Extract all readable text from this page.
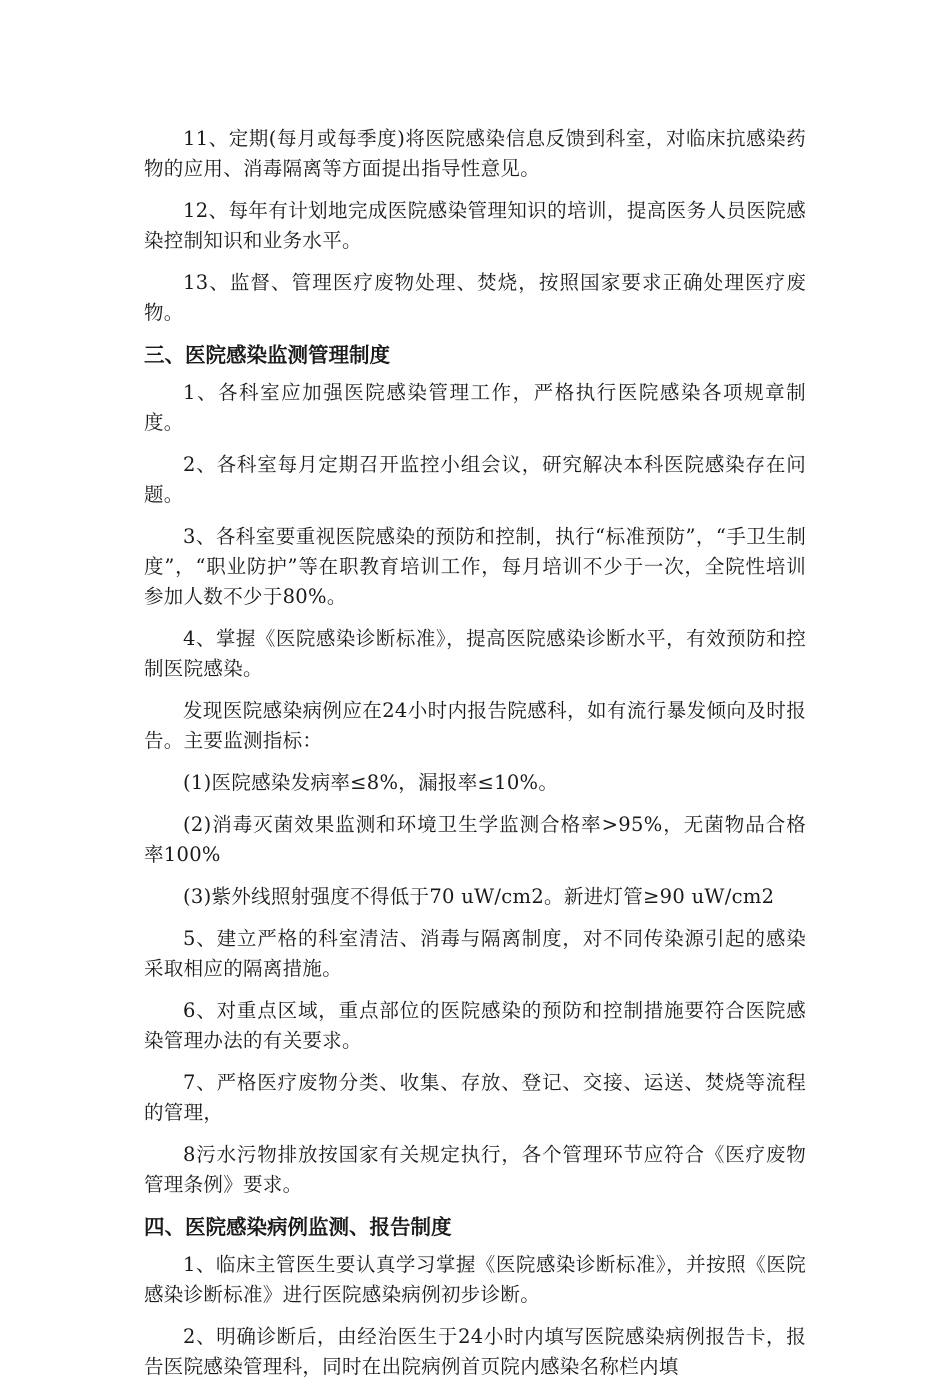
11、定期(每月或每季度)将医院感染信息反馈到科室，对临床抗感染药物的应用、消毒隔离等方面提出指导性意见。

12、每年有计划地完成医院感染管理知识的培训，提高医务人员医院感染控制知识和业务水平。

13、监督、管理医疗废物处理、焚烧，按照国家要求正确处理医疗废物。

三、医院感染监测管理制度

1、各科室应加强医院感染管理工作，严格执行医院感染各项规章制度。

2、各科室每月定期召开监控小组会议，研究解决本科医院感染存在问题。

3、各科室要重视医院感染的预防和控制，执行“标准预防”，“手卫生制度”，“职业防护”等在职教育培训工作，每月培训不少于一次，全院性培训参加人数不少于80%。

4、掌握《医院感染诊断标准》，提高医院感染诊断水平，有效预防和控制医院感染。

发现医院感染病例应在24小时内报告院感科，如有流行暴发倾向及时报告。主要监测指标：

(1)医院感染发病率≤8%，漏报率≤10%。

(2)消毒灭菌效果监测和环境卫生学监测合格率>95%，无菌物品合格率100%

(3)紫外线照射强度不得低于70 uW/cm2。新进灯管≥90 uW/cm2

5、建立严格的科室清洁、消毒与隔离制度，对不同传染源引起的感染采取相应的隔离措施。

6、对重点区域，重点部位的医院感染的预防和控制措施要符合医院感染管理办法的有关要求。

7、严格医疗废物分类、收集、存放、登记、交接、运送、焚烧等流程的管理，

8污水污物排放按国家有关规定执行，各个管理环节应符合《医疗废物管理条例》要求。

四、医院感染病例监测、报告制度

1、临床主管医生要认真学习掌握《医院感染诊断标准》，并按照《医院感染诊断标准》进行医院感染病例初步诊断。

2、明确诊断后，由经治医生于24小时内填写医院感染病例报告卡，报告医院感染管理科，同时在出院病例首页院内感染名称栏内填
